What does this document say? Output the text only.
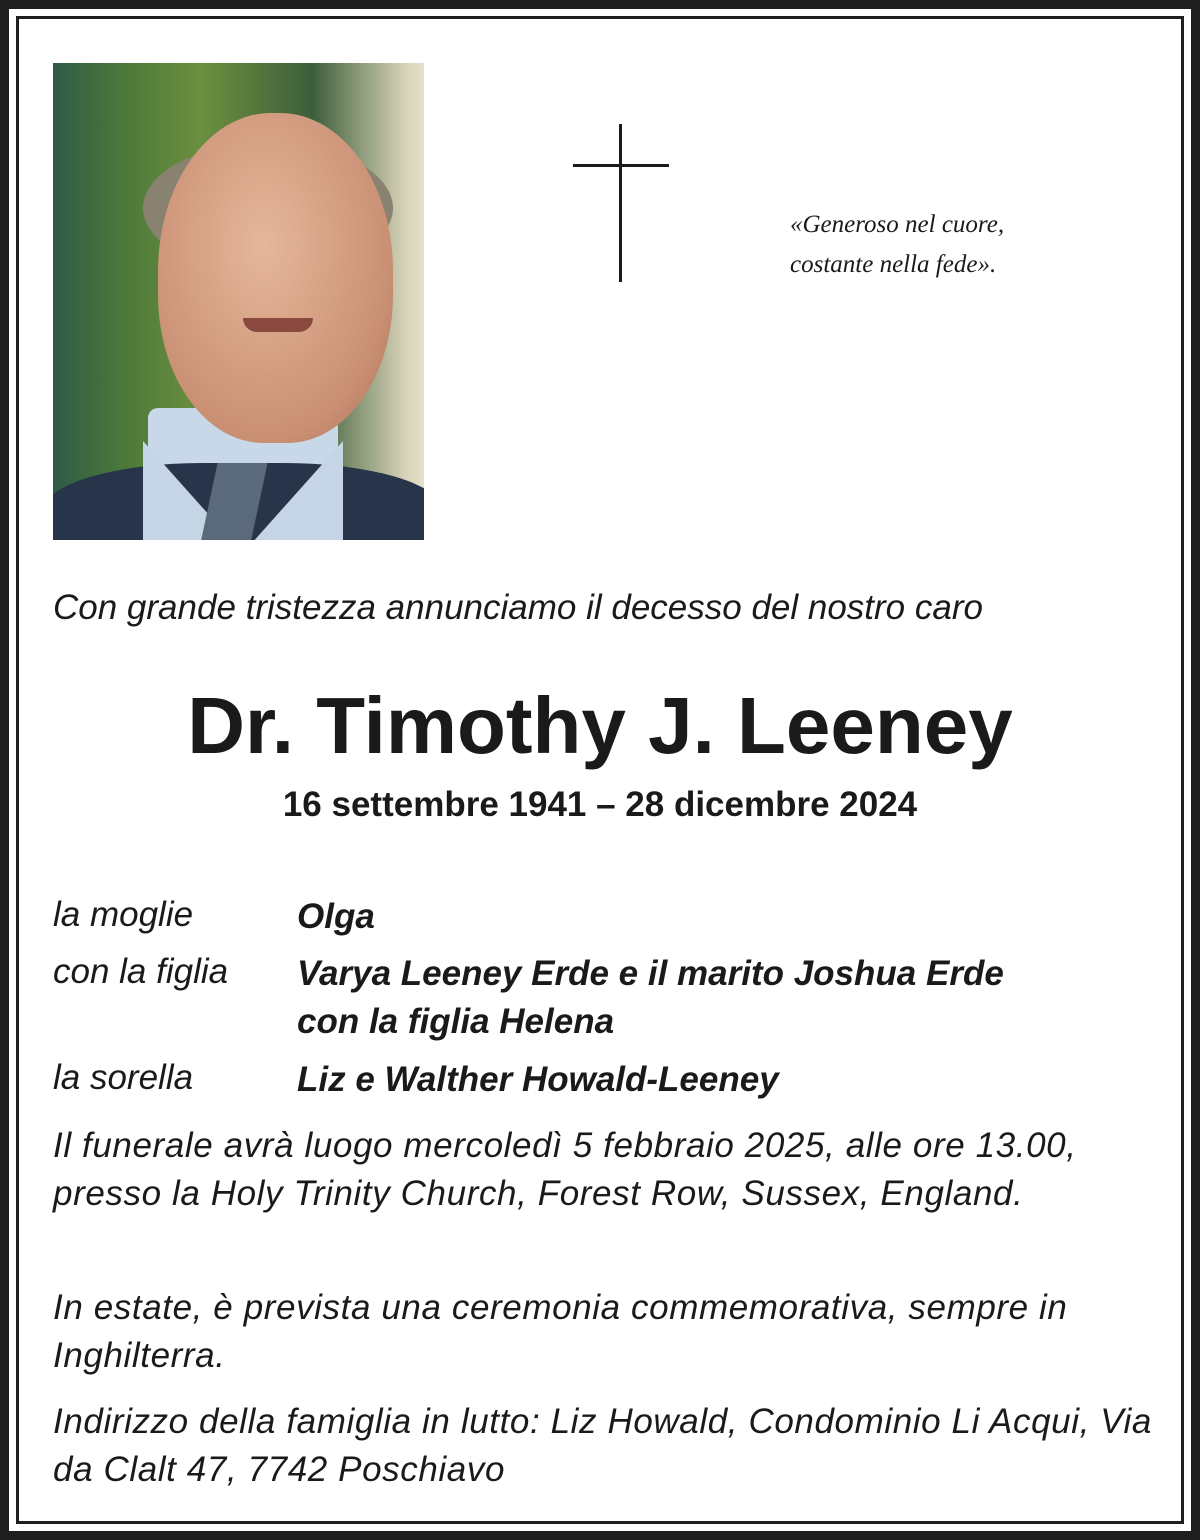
«Generoso nel cuore,
costante nella fede».
Con grande tristezza annunciamo il decesso del nostro caro
Dr. Timothy J. Leeney
16 settembre 1941 – 28 dicembre 2024
la moglie	Olga
con la figlia Varya Leeney Erde e il marito Joshua Erde
con la figlia Helena
la sorella	Liz e Walther Howald-Leeney
Il funerale avrà luogo mercoledì 5 febbraio 2025, alle ore 13.00, presso la Holy Trinity Church, Forest Row, Sussex, England.
In estate, è prevista una ceremonia commemorativa, sempre in Inghilterra.
Indirizzo della famiglia in lutto: Liz Howald, Condominio Li Acqui, Via da Clalt 47, 7742 Poschiavo
